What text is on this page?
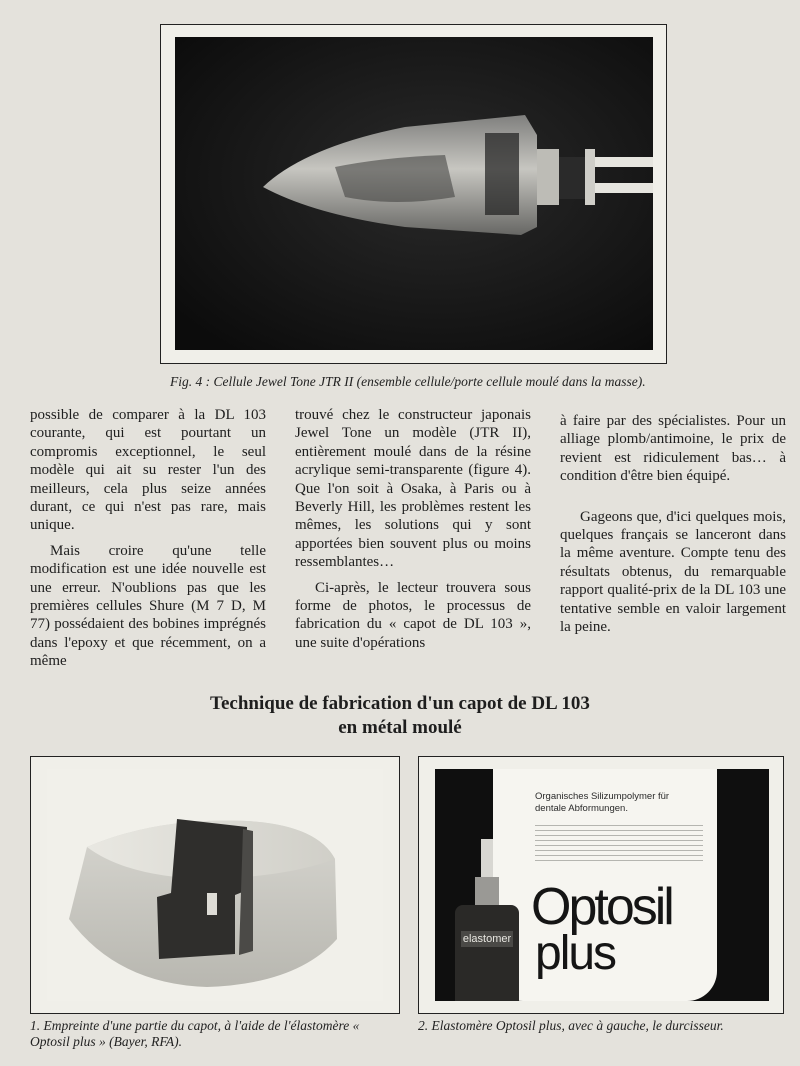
Fig. 4 : Cellule Jewel Tone JTR II (ensemble cellule/porte cellule moulé dans la masse).

possible de comparer à la DL 103 courante, qui est pourtant un compromis exceptionnel, le seul modèle qui ait su rester l'un des meilleurs, cela plus seize années durant, ce qui n'est pas rare, mais unique.

Mais croire qu'une telle modification est une idée nouvelle est une erreur. N'oublions pas que les premières cellules Shure (M 7 D, M 77) possédaient des bobines imprégnés dans l'epoxy et que récemment, on a même

trouvé chez le constructeur japonais Jewel Tone un modèle (JTR II), entièrement moulé dans de la résine acrylique semi-transparente (figure 4). Que l'on soit à Osaka, à Paris ou à Beverly Hill, les problèmes restent les mêmes, les solutions qui y sont apportées bien souvent plus ou moins ressemblantes…

Ci-après, le lecteur trouvera sous forme de photos, le processus de fabrication du « capot de DL 103 », une suite d'opérations

à faire par des spécialistes. Pour un alliage plomb/antimoine, le prix de revient est ridiculement bas… à condition d'être bien équipé.

Gageons que, d'ici quelques mois, quelques français se lanceront dans la même aventure. Compte tenu des résultats obtenus, du remarquable rapport qualité-prix de la DL 103 une tentative semble en valoir largement la peine.

Technique de fabrication d'un capot de DL 103
en métal moulé
1. Empreinte d'une partie du capot, à l'aide de l'élastomère « Optosil plus » (Bayer, RFA).
Organisches Silizumpolymer für
dentale Abformungen.
Optosil
plus
elastomer
2. Elastomère Optosil plus, avec à gauche, le durcisseur.
